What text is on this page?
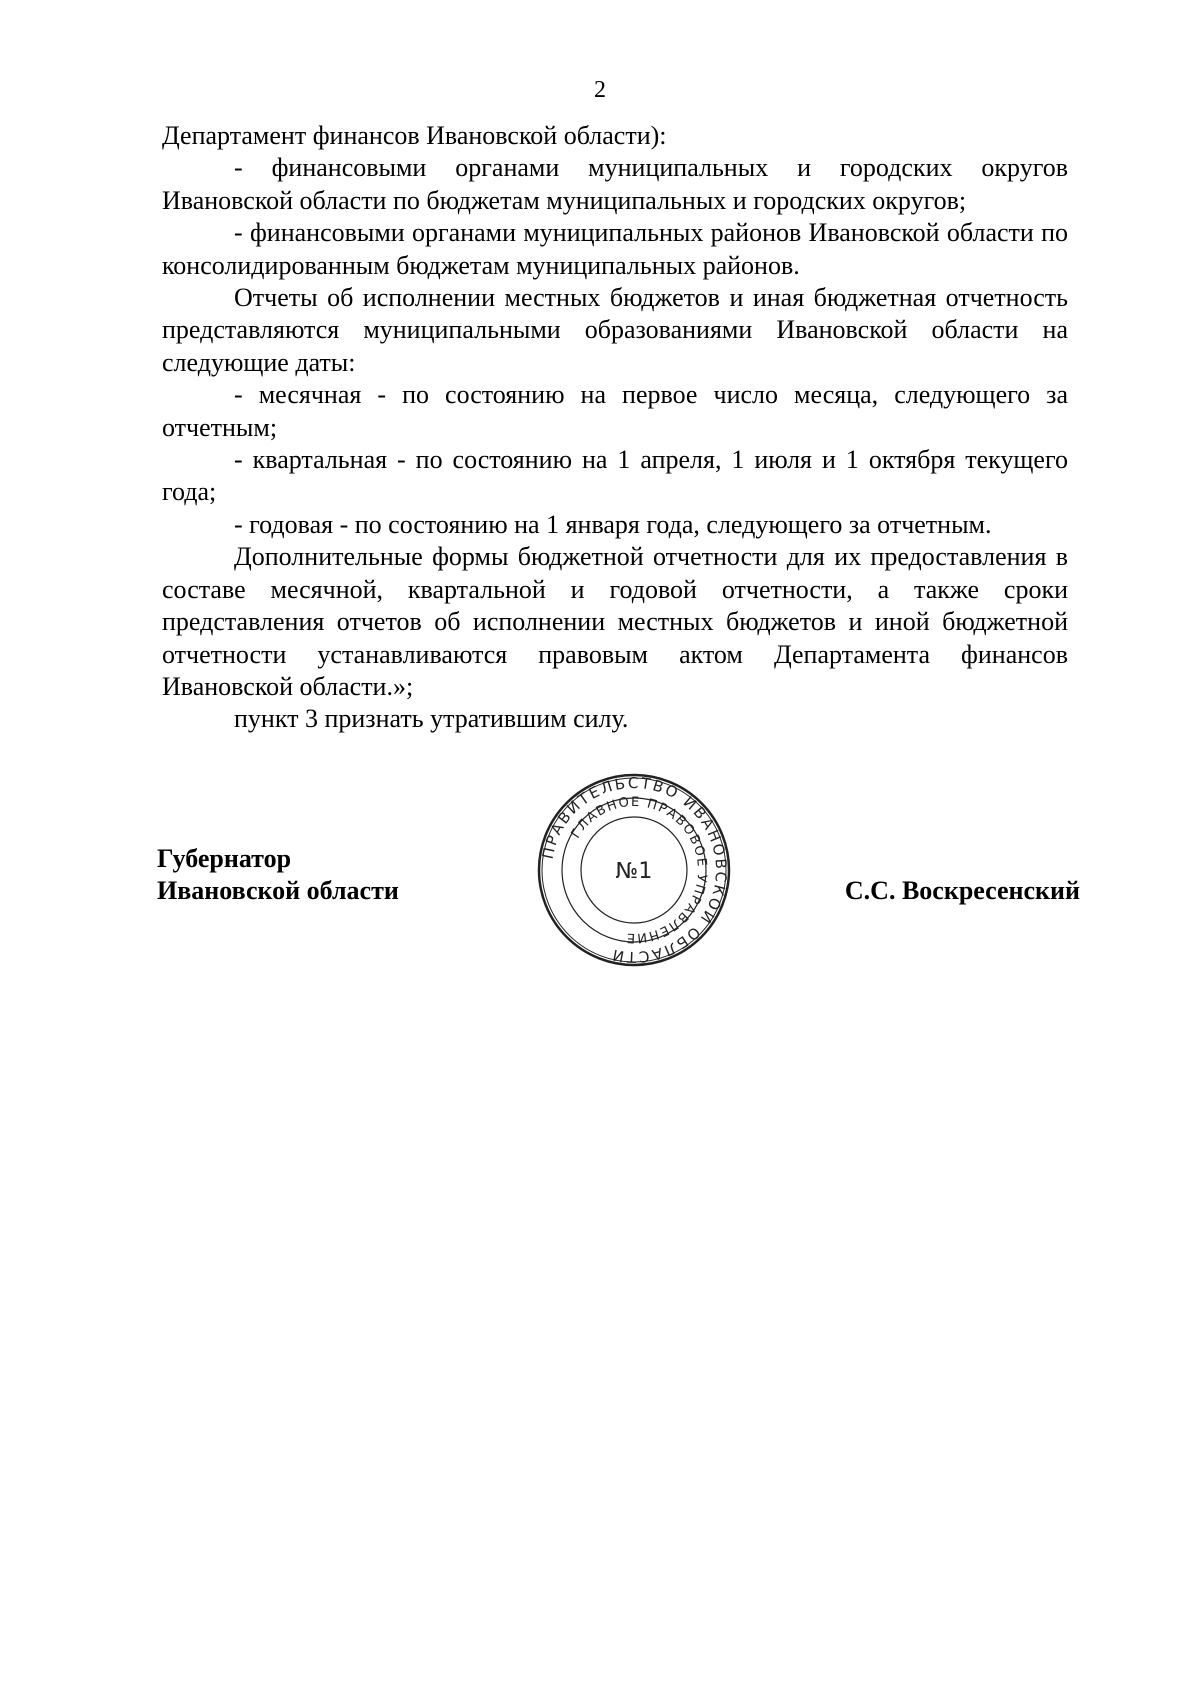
2

Департамент финансов Ивановской области):

- финансовыми органами муниципальных и городских округов Ивановской области по бюджетам муниципальных и городских округов;

- финансовыми органами муниципальных районов Ивановской области по консолидированным бюджетам муниципальных районов.

Отчеты об исполнении местных бюджетов и иная бюджетная отчетность представляются муниципальными образованиями Ивановской области на следующие даты:

- месячная - по состоянию на первое число месяца, следующего за отчетным;

- квартальная - по состоянию на 1 апреля, 1 июля и 1 октября текущего года;

- годовая - по состоянию на 1 января года, следующего за отчетным.

Дополнительные формы бюджетной отчетности для их предоставления в составе месячной, квартальной и годовой отчетности, а также сроки представления отчетов об исполнении местных бюджетов и иной бюджетной отчетности устанавливаются правовым актом Департамента финансов Ивановской области.»;

пункт 3 признать утратившим силу.

Губернатор
Ивановской области	С.С. Воскресенский
ПРАВИТЕЛЬСТВО ИВАНОВСКОЙ ОБЛАСТИ
ГЛАВНОЕ ПРАВОВОЕ УПРАВЛЕНИЕ
№1
